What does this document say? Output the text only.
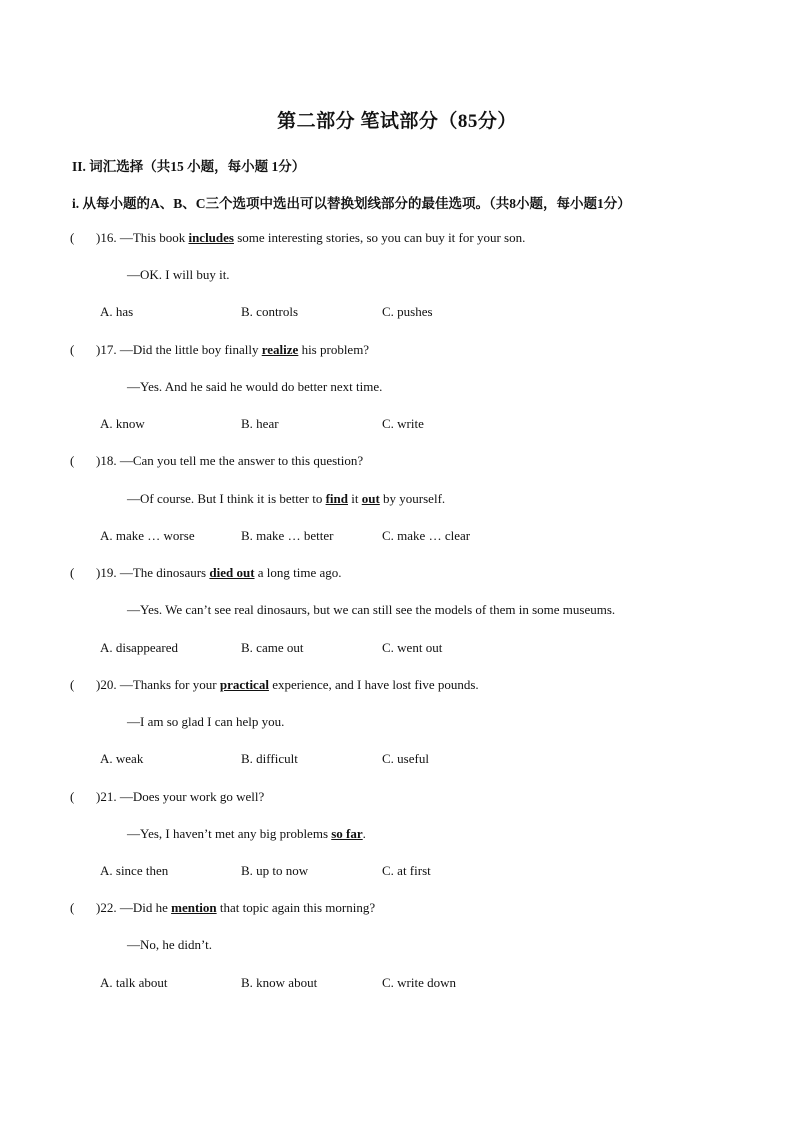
第二部分 笔试部分（85分）
II. 词汇选择（共15 小题，每小题 1分）
i. 从每小题的A、B、C三个选项中选出可以替换划线部分的最佳选项。（共8小题，每小题1分）
( )16. —This book includes some interesting stories, so you can buy it for your son.
—OK. I will buy it.
A. has	B. controls	C. pushes
( )17. —Did the little boy finally realize his problem?
—Yes. And he said he would do better next time.
A. know	B. hear	C. write
( )18. —Can you tell me the answer to this question?
—Of course. But I think it is better to find it out by yourself.
A. make … worse	B. make … better	C. make … clear
( )19. —The dinosaurs died out a long time ago.
—Yes. We can’t see real dinosaurs, but we can still see the models of them in some museums.
A. disappeared	B. came out	C. went out
( )20. —Thanks for your practical experience, and I have lost five pounds.
—I am so glad I can help you.
A. weak	B. difficult	C. useful
( )21. —Does your work go well?
—Yes, I haven’t met any big problems so far.
A. since then	B. up to now	C. at first
( )22. —Did he mention that topic again this morning?
—No, he didn’t.
A. talk about	B. know about	C. write down
